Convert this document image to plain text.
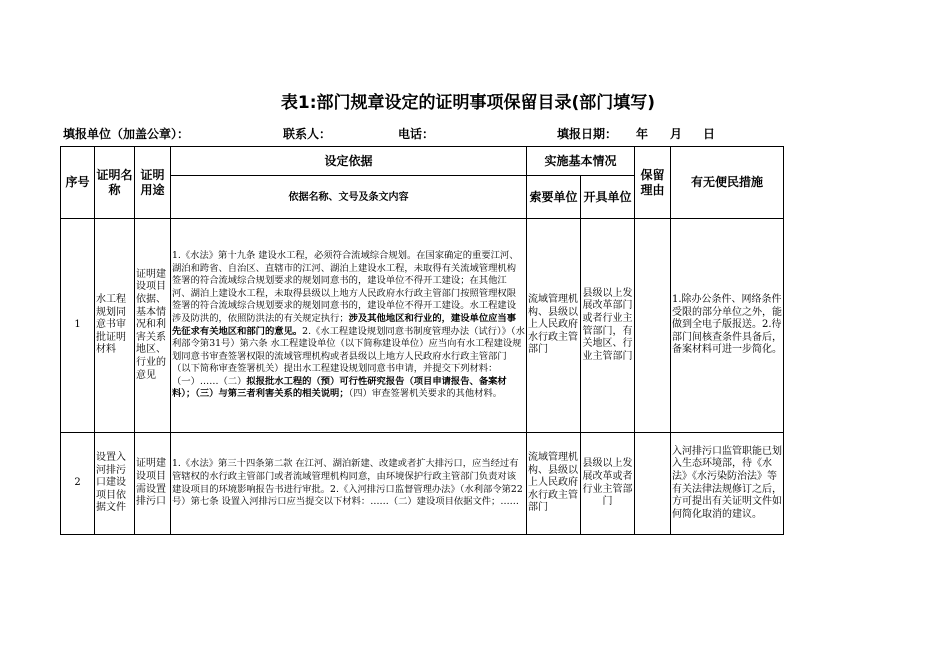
表1:部门规章设定的证明事项保留目录(部门填写)
填报单位（加盖公章）：	联系人：	电话：	填报日期： 年 月 日
序号	证明名称	证明用途	设定依据	实施基本情况		保留理由	有无便民措施
			依据名称、文号及条文内容	索要单位	开具单位		
1	水工程规划同意书审批证明材料	证明建设项目依据、基本情况和利害关系地区、行业的意见	1.《水法》第十九条 建设水工程，必须符合流域综合规划。在国家确定的重要江河、湖泊和跨省、自治区、直辖市的江河、湖泊上建设水工程，未取得有关流域管理机构签署的符合流域综合规划要求的规划同意书的，建设单位不得开工建设；在其他江河、湖泊上建设水工程，未取得县级以上地方人民政府水行政主管部门按照管理权限签署的符合流域综合规划要求的规划同意书的，建设单位不得开工建设。水工程建设涉及防洪的，依照防洪法的有关规定执行；涉及其他地区和行业的，建设单位应当事先征求有关地区和部门的意见。2.《水工程建设规划同意书制度管理办法（试行）》（水利部令第31号）第六条 水工程建设单位（以下简称建设单位）应当向有水工程建设规划同意书审查签署权限的流域管理机构或者县级以上地方人民政府水行政主管部门（以下简称审查签署机关）提出水工程建设规划同意书申请，并提交下列材料：（一）……（二）拟报批水工程的（预）可行性研究报告（项目申请报告、备案材料）；（三）与第三者利害关系的相关说明；（四）审查签署机关要求的其他材料。	流域管理机构、县级以上人民政府水行政主管部门	县级以上发展改革部门或者行业主管部门，有关地区、行业主管部门		1.除办公条件、网络条件受限的部分单位之外，能做到全电子版报送。2.待部门间核查条件具备后，备案材料可进一步简化。
2	设置入河排污口建设项目依据文件	证明建设项目需设置排污口	1.《水法》第三十四条第二款 在江河、湖泊新建、改建或者扩大排污口，应当经过有管辖权的水行政主管部门或者流域管理机构同意，由环境保护行政主管部门负责对该建设项目的环境影响报告书进行审批。2.《入河排污口监督管理办法》（水利部令第22号）第七条 设置入河排污口应当提交以下材料：……（二）建设项目依据文件；……	流域管理机构、县级以上人民政府水行政主管部门	县级以上发展改革或者行业主管部门		入河排污口监管职能已划入生态环境部，待《水法》《水污染防治法》等有关法律法规修订之后，方可提出有关证明文件如何简化取消的建议。
